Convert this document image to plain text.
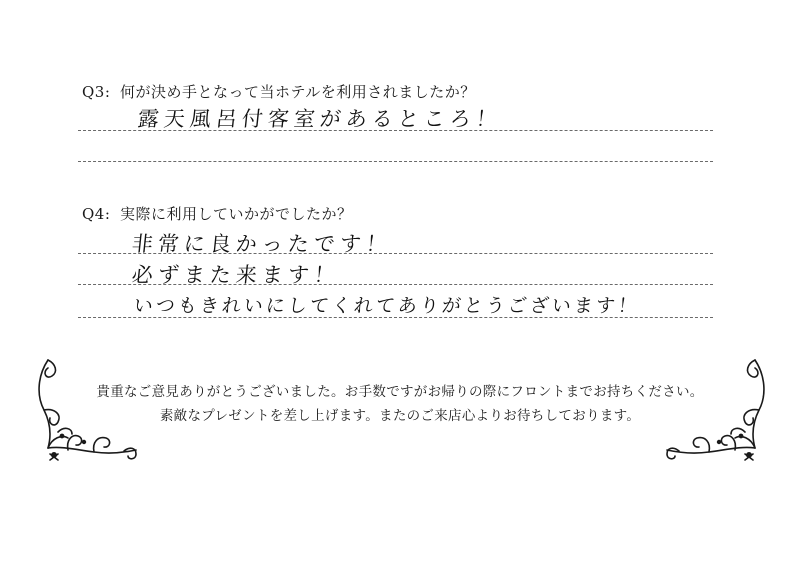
Q3: 何が決め手となって当ホテルを利用されましたか？
露天風呂付客室があるところ！
Q4: 実際に利用していかがでしたか？
非常に良かったです！
必ずまた来ます！
いつもきれいにしてくれてありがとうございます！
貴重なご意見ありがとうございました。お手数ですがお帰りの際にフロントまでお持ちください。
素敵なプレゼントを差し上げます。またのご来店心よりお待ちしております。
